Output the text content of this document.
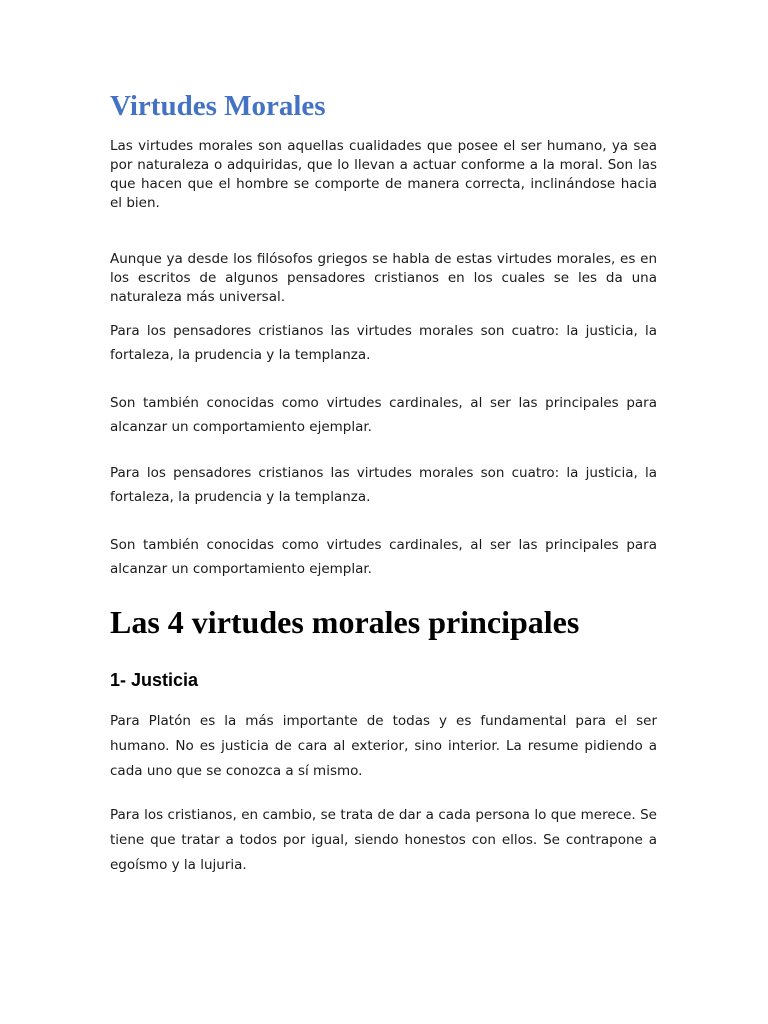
Virtudes Morales

Las virtudes morales son aquellas cualidades que posee el ser humano, ya sea por naturaleza o adquiridas, que lo llevan a actuar conforme a la moral. Son las que hacen que el hombre se comporte de manera correcta, inclinándose hacia el bien.

Aunque ya desde los filósofos griegos se habla de estas virtudes morales, es en los escritos de algunos pensadores cristianos en los cuales se les da una naturaleza más universal.

Para los pensadores cristianos las virtudes morales son cuatro: la justicia, la fortaleza, la prudencia y la templanza.

Son también conocidas como virtudes cardinales, al ser las principales para alcanzar un comportamiento ejemplar.

Para los pensadores cristianos las virtudes morales son cuatro: la justicia, la fortaleza, la prudencia y la templanza.

Son también conocidas como virtudes cardinales, al ser las principales para alcanzar un comportamiento ejemplar.

Las 4 virtudes morales principales
1- Justicia

Para Platón es la más importante de todas y es fundamental para el ser humano. No es justicia de cara al exterior, sino interior. La resume pidiendo a cada uno que se conozca a sí mismo.

Para los cristianos, en cambio, se trata de dar a cada persona lo que merece. Se tiene que tratar a todos por igual, siendo honestos con ellos. Se contrapone a egoísmo y la lujuria.
